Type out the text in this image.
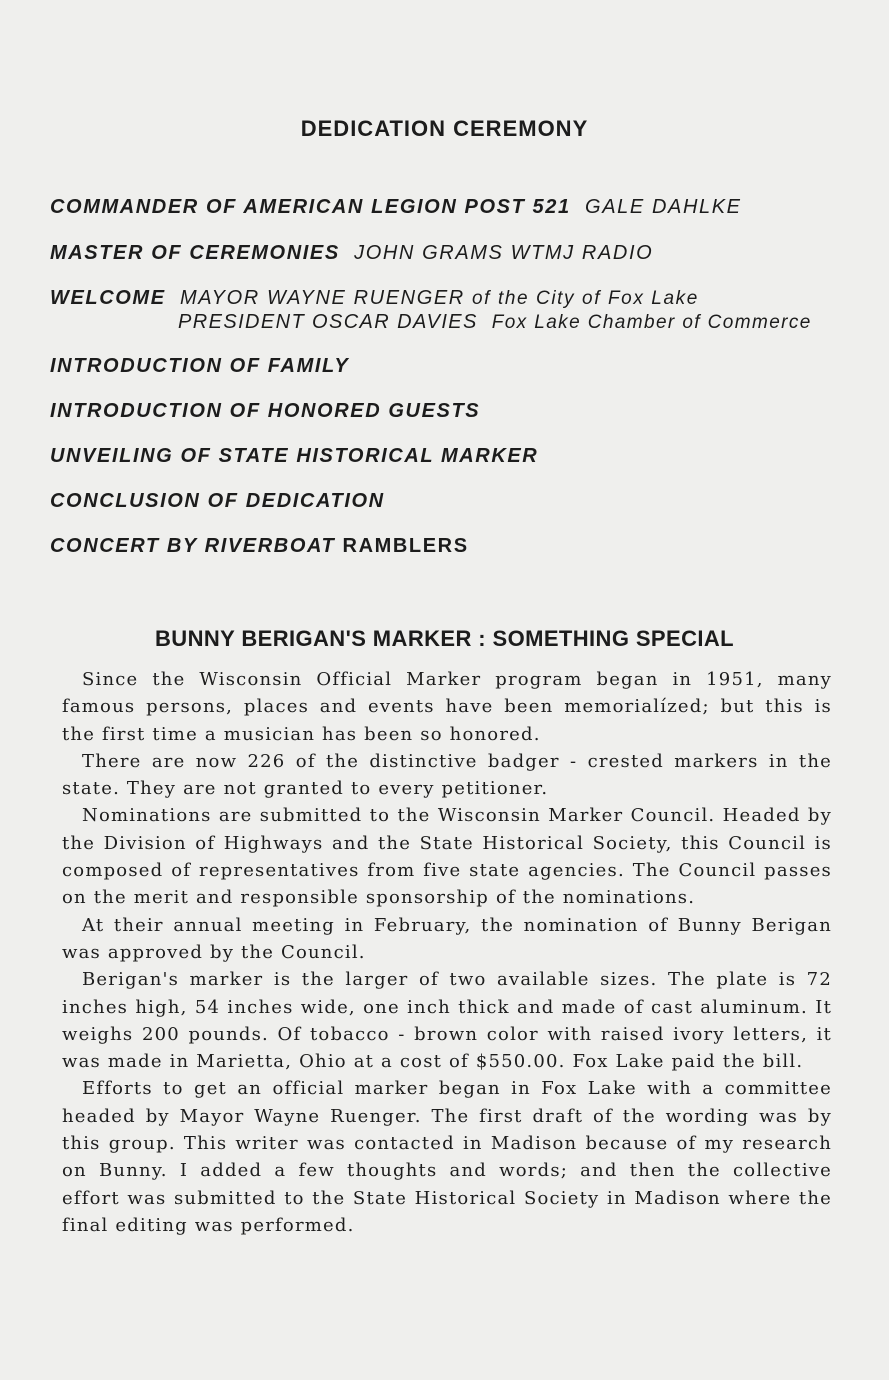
DEDICATION CEREMONY
COMMANDER OF AMERICAN LEGION POST 521 GALE DAHLKE
MASTER OF CEREMONIES JOHN GRAMS WTMJ RADIO
WELCOME MAYOR WAYNE RUENGER of the City of Fox Lake
PRESIDENT OSCAR DAVIES Fox Lake Chamber of Commerce
INTRODUCTION OF FAMILY
INTRODUCTION OF HONORED GUESTS
UNVEILING OF STATE HISTORICAL MARKER
CONCLUSION OF DEDICATION
CONCERT BY RIVERBOAT RAMBLERS
BUNNY BERIGAN'S MARKER : SOMETHING SPECIAL

Since the Wisconsin Official Marker program began in 1951, many famous persons, places and events have been memorialízed; but this is the first time a musician has been so honored.

There are now 226 of the distinctive badger - crested markers in the state. They are not granted to every petitioner.

Nominations are submitted to the Wisconsin Marker Council. Headed by the Division of Highways and the State Historical Society, this Council is composed of representatives from five state agencies. The Council passes on the merit and responsible sponsorship of the nominations.

At their annual meeting in February, the nomination of Bunny Berigan was approved by the Council.

Berigan's marker is the larger of two available sizes. The plate is 72 inches high, 54 inches wide, one inch thick and made of cast aluminum. It weighs 200 pounds. Of tobacco - brown color with raised ivory letters, it was made in Marietta, Ohio at a cost of $550.00. Fox Lake paid the bill.

Efforts to get an official marker began in Fox Lake with a committee headed by Mayor Wayne Ruenger. The first draft of the wording was by this group. This writer was contacted in Madison because of my research on Bunny. I added a few thoughts and words; and then the collective effort was submitted to the State Historical Society in Madison where the final editing was performed.
